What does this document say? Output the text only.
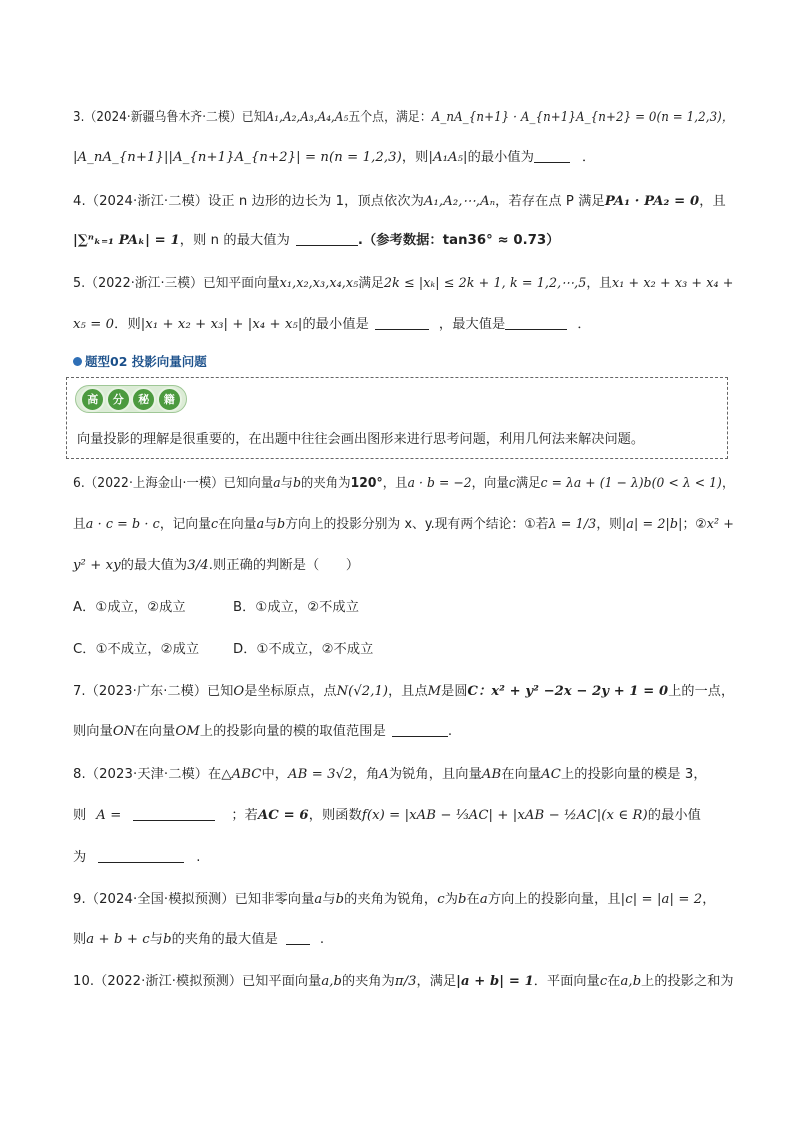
3.（2024·新疆乌鲁木齐·二模）已知A₁,A₂,A₃,A₄,A₅五个点，满足：A_nA_{n+1} · A_{n+1}A_{n+2} = 0(n = 1,2,3)，
|A_nA_{n+1}||A_{n+1}A_{n+2}| = n(n = 1,2,3)，则|A₁A₅|的最小值为	．
4.（2024·浙江·二模）设正 n 边形的边长为 1，顶点依次为A₁,A₂,⋯,Aₙ，若存在点 P 满足PA₁ · PA₂ = 0，且
|∑ⁿₖ₌₁ PAₖ| = 1，则 n 的最大值为	.（参考数据：tan36° ≈ 0.73）
5.（2022·浙江·三模）已知平面向量x₁,x₂,x₃,x₄,x₅满足2k ≤ |xₖ| ≤ 2k + 1, k = 1,2,⋯,5，且x₁ + x₂ + x₃ + x₄ +
x₅ = 0．则|x₁ + x₂ + x₃| + |x₄ + x₅|的最小值是	，最大值是	．
题型02 投影向量问题
高	分	秘	籍
向量投影的理解是很重要的，在出题中往往会画出图形来进行思考问题，利用几何法来解决问题。
6.（2022·上海金山·一模）已知向量a与b的夹角为120°，且a · b = −2，向量c满足c = λa + (1 − λ)b(0 < λ < 1)，
且a · c = b · c，记向量c在向量a与b方向上的投影分别为 x、y.现有两个结论：①若λ = 1/3，则|a| = 2|b|；②x² +
y² + xy的最大值为3/4.则正确的判断是（　　）
A．①成立，②成立	B．①成立，②不成立
C．①不成立，②成立	D．①不成立，②不成立
7.（2023·广东·二模）已知O是坐标原点，点N(√2,1)，且点M是圆C：x² + y² −2x − 2y + 1 = 0上的一点，
则向量ON在向量OM上的投影向量的模的取值范围是	.
8.（2023·天津·二模）在△ABC中，AB = 3√2，角A为锐角，且向量AB在向量AC上的投影向量的模是 3，
则 A =	；若AC = 6，则函数f(x) = |xAB − ⅓AC| + |xAB − ½AC|(x ∈ R)的最小值
为	.
9.（2024·全国·模拟预测）已知非零向量a与b的夹角为锐角，c为b在a方向上的投影向量，且|c| = |a| = 2，
则a + b + c与b的夹角的最大值是	.
10.（2022·浙江·模拟预测）已知平面向量a,b的夹角为π/3，满足|a + b| = 1．平面向量c在a,b上的投影之和为
